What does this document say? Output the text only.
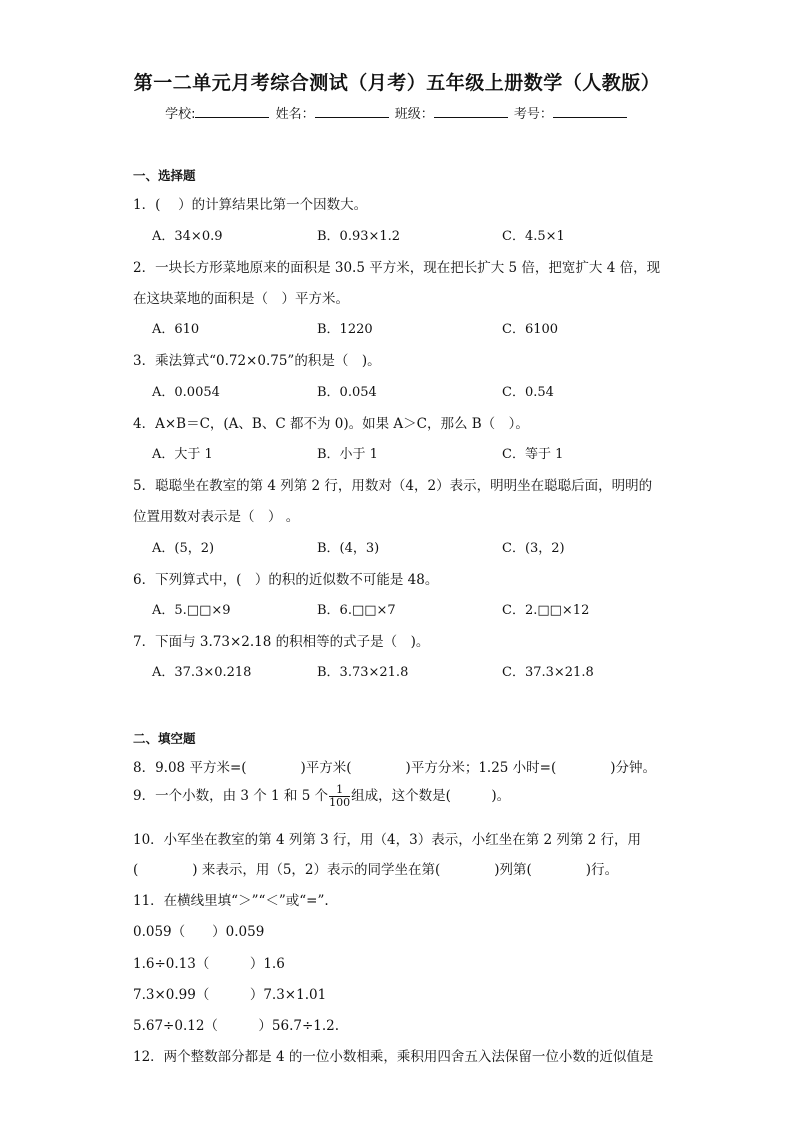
第一二单元月考综合测试（月考）五年级上册数学（人教版）
学校:	姓名：	班级：	考号：
一、选择题
1．(　 ）的计算结果比第一个因数大。
A．34×0.9	B．0.93×1.2	C．4.5×1
2．一块长方形菜地原来的面积是 30.5 平方米，现在把长扩大 5 倍，把宽扩大 4 倍，现
在这块菜地的面积是（　）平方米。
A．610	B．1220	C．6100
3．乘法算式“0.72×0.75”的积是（　)。
A．0.0054	B．0.054	C．0.54
4．A×B＝C，(A、B、C 都不为 0)。如果 A＞C，那么 B（　）。
A．大于 1	B．小于 1	C．等于 1
5．聪聪坐在教室的第 4 列第 2 行，用数对（4，2）表示，明明坐在聪聪后面，明明的
位置用数对表示是（　） 。
A．(5，2)	B．(4，3)	C．(3，2)
6．下列算式中，(　）的积的近似数不可能是 48。
A．5.□□×9	B．6.□□×7	C．2.□□×12
7．下面与 3.73×2.18 的积相等的式子是（　)。
A．37.3×0.218	B．3.73×21.8	C．37.3×21.8
二、填空题
8．9.08 平方米=(　　　　)平方米(　　　　)平方分米；1.25 小时=(　　　　)分钟。
9．一个小数，由 3 个 1 和 5 个 $\frac{1}{100}$ 组成，这个数是(　　　)。
10．小军坐在教室的第 4 列第 3 行，用（4，3）表示，小红坐在第 2 列第 2 行，用
(　　　　) 来表示，用（5，2）表示的同学坐在第(　　　　)列第(　　　　)行。
11．在横线里填“＞”“＜”或“=”.
0.059（　　）0.059
1.6÷0.13（　　　）1.6
7.3×0.99（　　　）7.3×1.01
5.67÷0.12（　　　）56.7÷1.2.
12．两个整数部分都是 4 的一位小数相乘，乘积用四舍五入法保留一位小数的近似值是
